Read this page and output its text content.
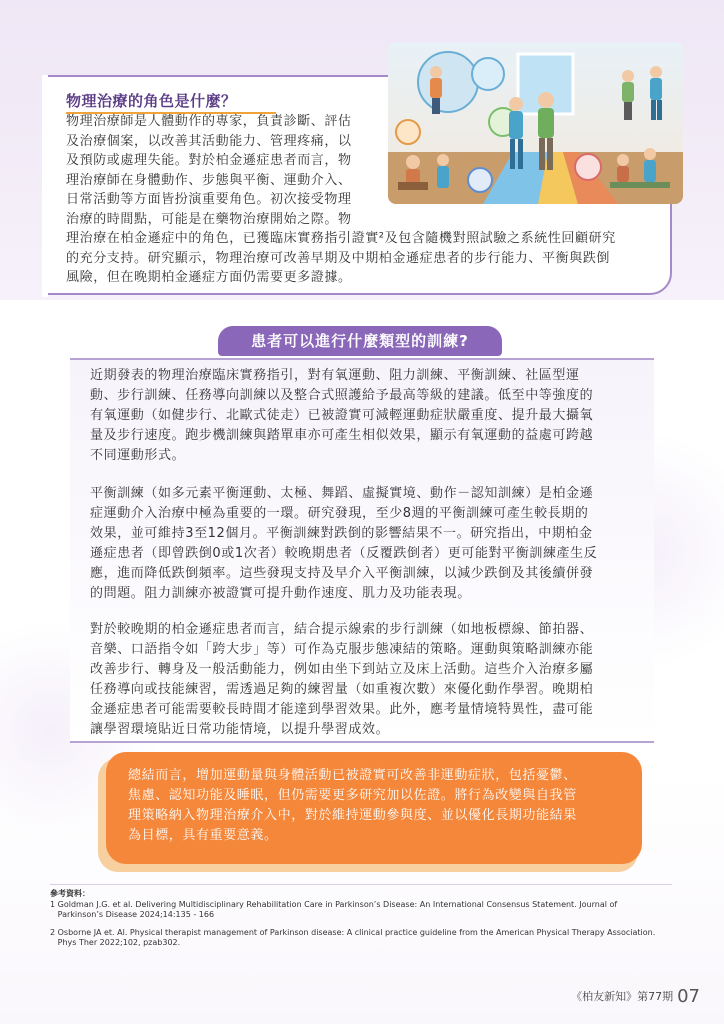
物理治療的角色是什麼？

物理治療師是人體動作的專家，負責診斷、評估

及治療個案，以改善其活動能力、管理疼痛，以

及預防或處理失能。對於柏金遜症患者而言，物

理治療師在身體動作、步態與平衡、運動介入、

日常活動等方面皆扮演重要角色。初次接受物理

治療的時間點，可能是在藥物治療開始之際。物

理治療在柏金遜症中的角色，已獲臨床實務指引證實²及包含隨機對照試驗之系統性回顧研究

的充分支持。研究顯示，物理治療可改善早期及中期柏金遜症患者的步行能力、平衡與跌倒

風險，但在晚期柏金遜症方面仍需要更多證據。

患者可以進行什麼類型的訓練?

近期發表的物理治療臨床實務指引，對有氧運動、阻力訓練、平衡訓練、社區型運

動、步行訓練、任務導向訓練以及整合式照護給予最高等級的建議。低至中等強度的

有氧運動（如健步行、北歐式徒走）已被證實可減輕運動症狀嚴重度、提升最大攝氧

量及步行速度。跑步機訓練與踏單車亦可產生相似效果，顯示有氧運動的益處可跨越

不同運動形式。

平衡訓練（如多元素平衡運動、太極、舞蹈、虛擬實境、動作－認知訓練）是柏金遜

症運動介入治療中極為重要的一環。研究發現，至少8週的平衡訓練可產生較長期的

效果，並可維持3至12個月。平衡訓練對跌倒的影響結果不一。研究指出，中期柏金

遜症患者（即曾跌倒0或1次者）較晚期患者（反覆跌倒者）更可能對平衡訓練產生反

應，進而降低跌倒頻率。這些發現支持及早介入平衡訓練，以減少跌倒及其後續併發

的問題。阻力訓練亦被證實可提升動作速度、肌力及功能表現。

對於較晚期的柏金遜症患者而言，結合提示線索的步行訓練（如地板標線、節拍器、

音樂、口語指令如「跨大步」等）可作為克服步態凍結的策略。運動與策略訓練亦能

改善步行、轉身及一般活動能力，例如由坐下到站立及床上活動。這些介入治療多屬

任務導向或技能練習，需透過足夠的練習量（如重複次數）來優化動作學習。晚期柏

金遜症患者可能需要較長時間才能達到學習效果。此外，應考量情境特異性，盡可能

讓學習環境貼近日常功能情境，以提升學習成效。

總結而言，增加運動量與身體活動已被證實可改善非運動症狀，包括憂鬱、

焦慮、認知功能及睡眠，但仍需要更多研究加以佐證。將行為改變與自我管

理策略納入物理治療介入中，對於維持運動參與度、並以優化長期功能結果

為目標，具有重要意義。

參考資料：
1 Goldman J.G. et al. Delivering Multidisciplinary Rehabilitation Care in Parkinson’s Disease: An International Consensus Statement. Journal of
Parkinson’s Disease 2024;14:135 - 166
2 Osborne JA et. Al. Physical therapist management of Parkinson disease: A clinical practice guideline from the American Physical Therapy Association.
Phys Ther 2022;102, pzab302.
《柏友新知》第77期 07
